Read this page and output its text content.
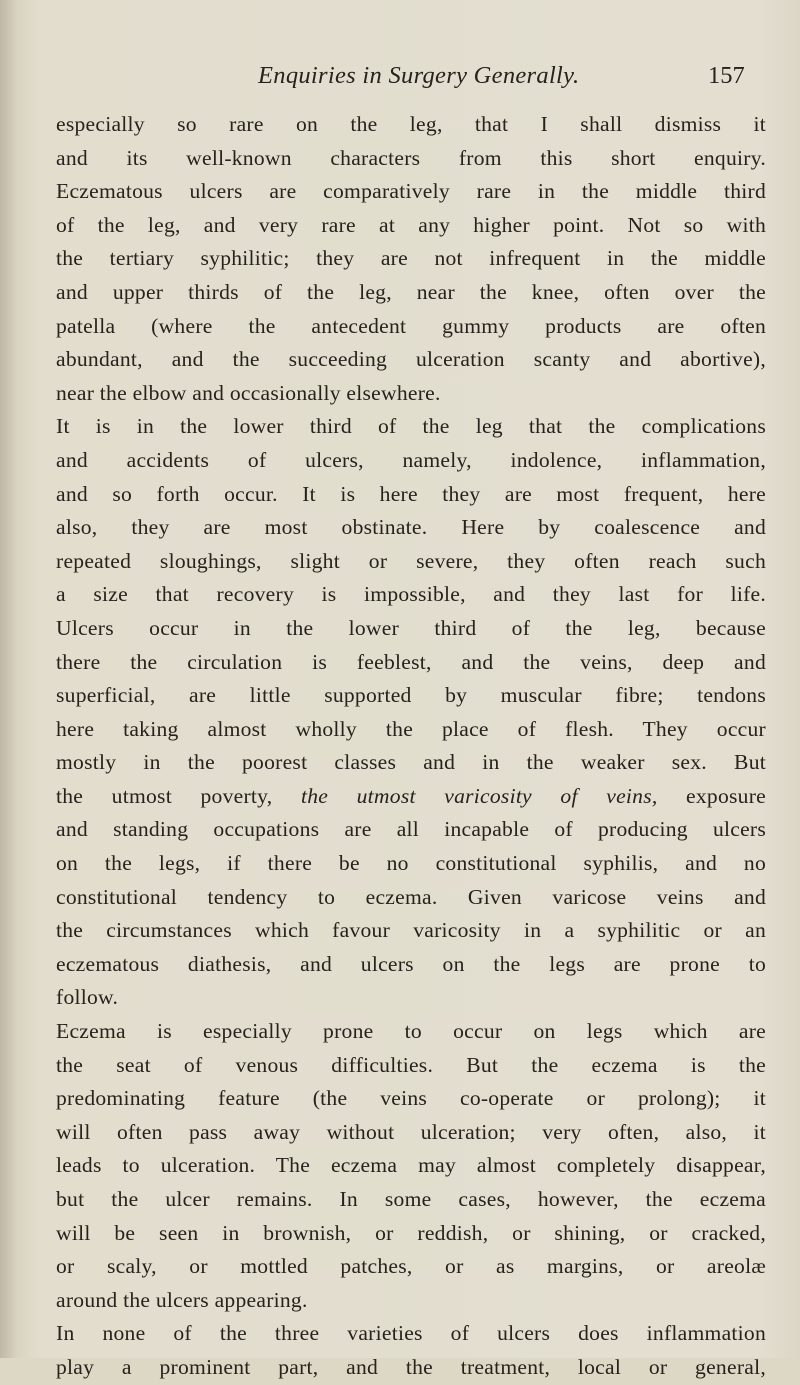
Enquiries in Surgery Generally.	157
especially so rare on the leg, that I shall dismiss it
and its well-known characters from this short enquiry.
Eczematous ulcers are comparatively rare in the middle third
of the leg, and very rare at any higher point. Not so with
the tertiary syphilitic; they are not infrequent in the middle
and upper thirds of the leg, near the knee, often over the
patella (where the antecedent gummy products are often
abundant, and the succeeding ulceration scanty and abortive),
near the elbow and occasionally elsewhere.
It is in the lower third of the leg that the complications
and accidents of ulcers, namely, indolence, inflammation,
and so forth occur. It is here they are most frequent, here
also, they are most obstinate. Here by coalescence and
repeated sloughings, slight or severe, they often reach such
a size that recovery is impossible, and they last for life.
Ulcers occur in the lower third of the leg, because
there the circulation is feeblest, and the veins, deep and
superficial, are little supported by muscular fibre; tendons
here taking almost wholly the place of flesh. They occur
mostly in the poorest classes and in the weaker sex. But
the utmost poverty, the utmost varicosity of veins, exposure
and standing occupations are all incapable of producing ulcers
on the legs, if there be no constitutional syphilis, and no
constitutional tendency to eczema. Given varicose veins and
the circumstances which favour varicosity in a syphilitic or an
eczematous diathesis, and ulcers on the legs are prone to
follow.
Eczema is especially prone to occur on legs which are
the seat of venous difficulties. But the eczema is the
predominating feature (the veins co-operate or prolong); it
will often pass away without ulceration; very often, also, it
leads to ulceration. The eczema may almost completely disappear,
but the ulcer remains. In some cases, however, the eczema
will be seen in brownish, or reddish, or shining, or cracked,
or scaly, or mottled patches, or as margins, or areolæ
around the ulcers appearing.
In none of the three varieties of ulcers does inflammation
play a prominent part, and the treatment, local or general,
